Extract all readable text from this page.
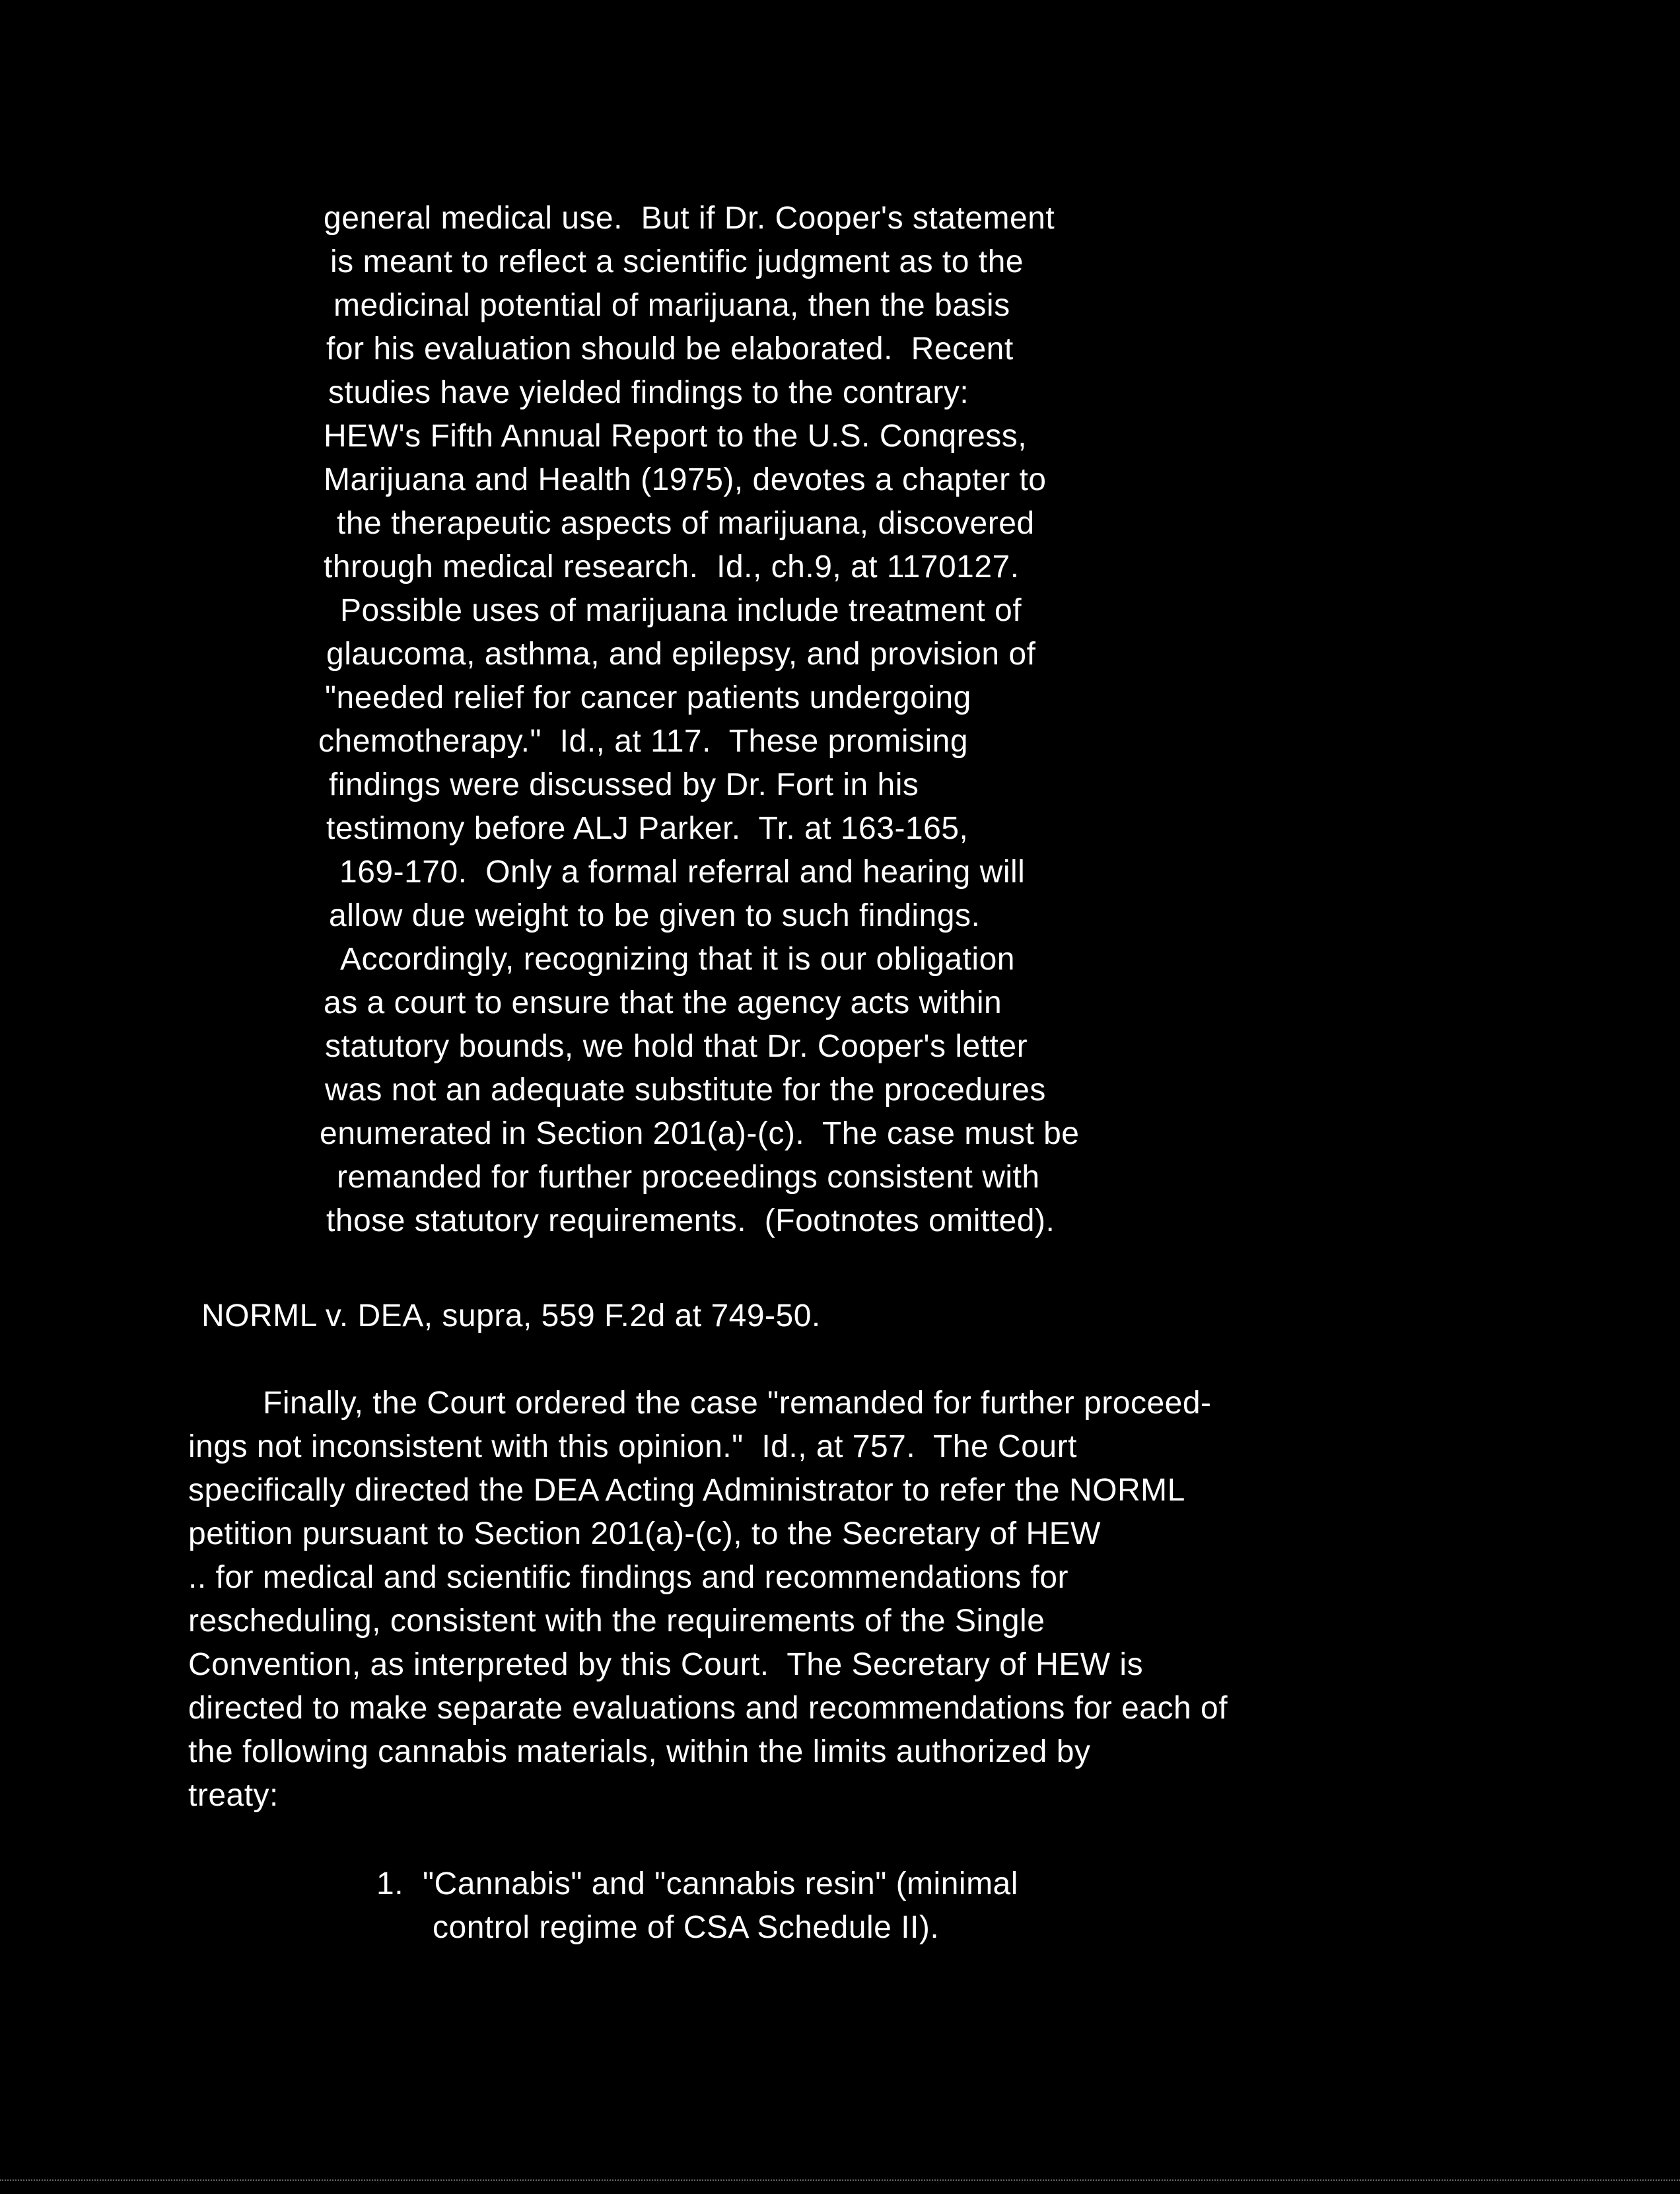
general medical use.  But if Dr. Cooper's statement
is meant to reflect a scientific judgment as to the
medicinal potential of marijuana, then the basis
for his evaluation should be elaborated.  Recent
studies have yielded findings to the contrary:
HEW's Fifth Annual Report to the U.S. Conqress,
Marijuana and Health (1975), devotes a chapter to
the therapeutic aspects of marijuana, discovered
through medical research.  Id., ch.9, at 1170127.
Possible uses of marijuana include treatment of
glaucoma, asthma, and epilepsy, and provision of
"needed relief for cancer patients undergoing
chemotherapy."  Id., at 117.  These promising
findings were discussed by Dr. Fort in his
testimony before ALJ Parker.  Tr. at 163-165,
169-170.  Only a formal referral and hearing will
allow due weight to be given to such findings.
Accordingly, recognizing that it is our obligation
as a court to ensure that the agency acts within
statutory bounds, we hold that Dr. Cooper's letter
was not an adequate substitute for the procedures
enumerated in Section 201(a)-(c).  The case must be
remanded for further proceedings consistent with
those statutory requirements.  (Footnotes omitted).
NORML v. DEA, supra, 559 F.2d at 749-50.
Finally, the Court ordered the case "remanded for further proceed-
ings not inconsistent with this opinion."  Id., at 757.  The Court
specifically directed the DEA Acting Administrator to refer the NORML
petition pursuant to Section 201(a)-(c), to the Secretary of HEW
.. for medical and scientific findings and recommendations for
rescheduling, consistent with the requirements of the Single
Convention, as interpreted by this Court.  The Secretary of HEW is
directed to make separate evaluations and recommendations for each of
the following cannabis materials, within the limits authorized by
treaty:
1. "Cannabis" and "cannabis resin" (minimal
control regime of CSA Schedule II).
